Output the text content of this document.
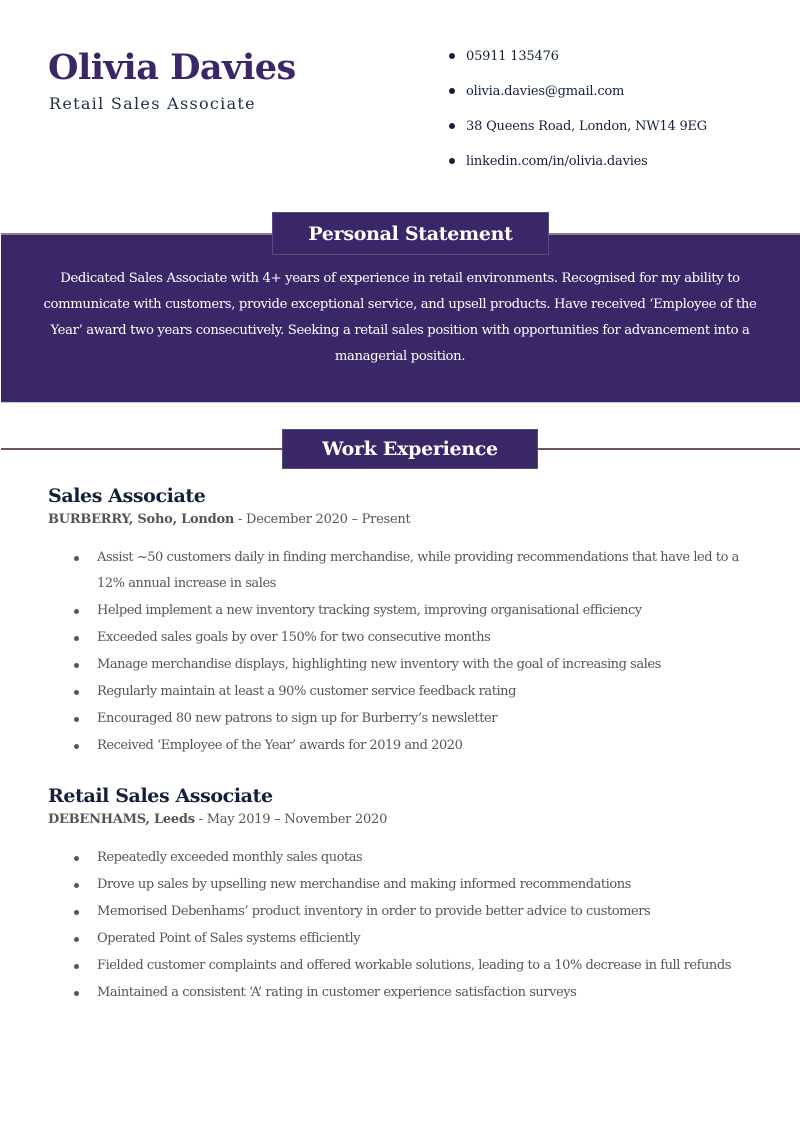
Olivia Davies
Retail Sales Associate
05911 135476
olivia.davies@gmail.com
38 Queens Road, London, NW14 9EG
linkedin.com/in/olivia.davies
Personal Statement

Dedicated Sales Associate with 4+ years of experience in retail environments. Recognised for my ability to communicate with customers, provide exceptional service, and upsell products. Have received ‘Employee of the Year’ award two years consecutively. Seeking a retail sales position with opportunities for advancement into a managerial position.

Work Experience
Sales Associate
BURBERRY, Soho, London - December 2020 – Present
Assist ~50 customers daily in finding merchandise, while providing recommendations that have led to a 12% annual increase in sales
Helped implement a new inventory tracking system, improving organisational efficiency
Exceeded sales goals by over 150% for two consecutive months
Manage merchandise displays, highlighting new inventory with the goal of increasing sales
Regularly maintain at least a 90% customer service feedback rating
Encouraged 80 new patrons to sign up for Burberry’s newsletter
Received ‘Employee of the Year’ awards for 2019 and 2020
Retail Sales Associate
DEBENHAMS, Leeds - May 2019 – November 2020
Repeatedly exceeded monthly sales quotas
Drove up sales by upselling new merchandise and making informed recommendations
Memorised Debenhams’ product inventory in order to provide better advice to customers
Operated Point of Sales systems efficiently
Fielded customer complaints and offered workable solutions, leading to a 10% decrease in full refunds
Maintained a consistent ‘A’ rating in customer experience satisfaction surveys
